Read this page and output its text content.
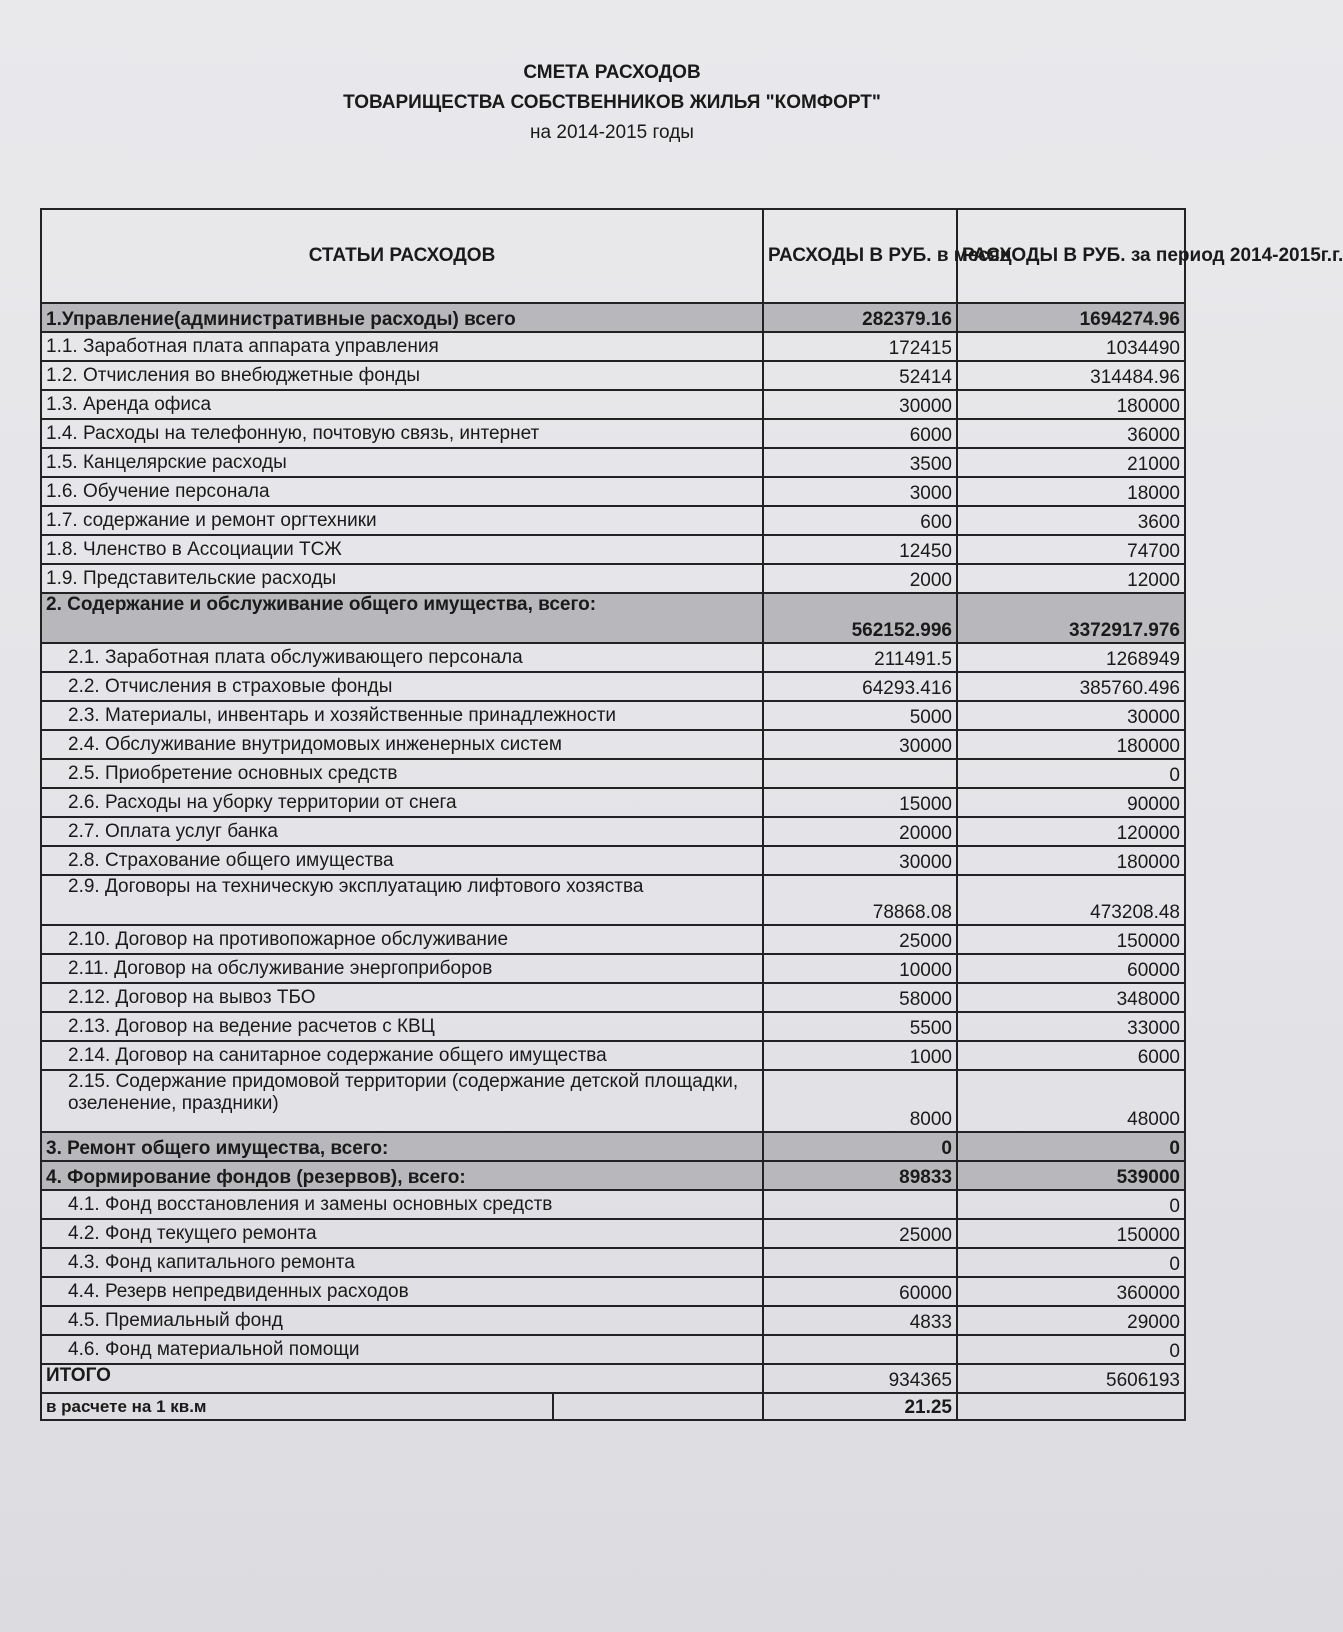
СМЕТА РАСХОДОВ
ТОВАРИЩЕСТВА СОБСТВЕННИКОВ ЖИЛЬЯ "КОМФОРТ"
на 2014-2015 годы
СТАТЬИ РАСХОДОВ		РАСХОДЫ В РУБ. в месяц	РАСХОДЫ В РУБ. за период 2014-2015г.г.
1.Управление(административные расходы) всего		282379.16	1694274.96
1.1. Заработная плата аппарата управления		172415	1034490
1.2. Отчисления во внебюджетные фонды		52414	314484.96
1.3. Аренда офиса		30000	180000
1.4. Расходы на телефонную, почтовую связь, интернет		6000	36000
1.5. Канцелярские расходы		3500	21000
1.6. Обучение персонала		3000	18000
1.7. содержание и ремонт оргтехники		600	3600
1.8. Членство в Ассоциации ТСЖ		12450	74700
1.9. Представительские расходы		2000	12000
2. Содержание и обслуживание общего имущества, всего:		562152.996	3372917.976
2.1. Заработная плата обслуживающего персонала		211491.5	1268949
2.2. Отчисления в страховые фонды		64293.416	385760.496
2.3. Материалы, инвентарь и хозяйственные принадлежности		5000	30000
2.4. Обслуживание внутридомовых инженерных систем		30000	180000
2.5. Приобретение основных средств			0
2.6. Расходы на уборку территории от снега		15000	90000
2.7. Оплата услуг банка		20000	120000
2.8. Страхование общего имущества		30000	180000
2.9. Договоры на техническую эксплуатацию лифтового хозяства		78868.08	473208.48
2.10. Договор на противопожарное обслуживание		25000	150000
2.11. Договор на обслуживание энергоприборов		10000	60000
2.12. Договор на вывоз ТБО		58000	348000
2.13. Договор на ведение расчетов с КВЦ		5500	33000
2.14. Договор на санитарное содержание общего имущества		1000	6000
2.15. Содержание придомовой территории (содержание детской площадки, озеленение, праздники)		8000	48000
3. Ремонт общего имущества, всего:		0	0
4. Формирование фондов (резервов), всего:		89833	539000
4.1. Фонд восстановления и замены основных средств			0
4.2. Фонд текущего ремонта		25000	150000
4.3. Фонд капитального ремонта			0
4.4. Резерв непредвиденных расходов		60000	360000
4.5. Премиальный фонд		4833	29000
4.6. Фонд материальной помощи			0
ИТОГО		934365	5606193
в расчете на 1 кв.м		21.25	
